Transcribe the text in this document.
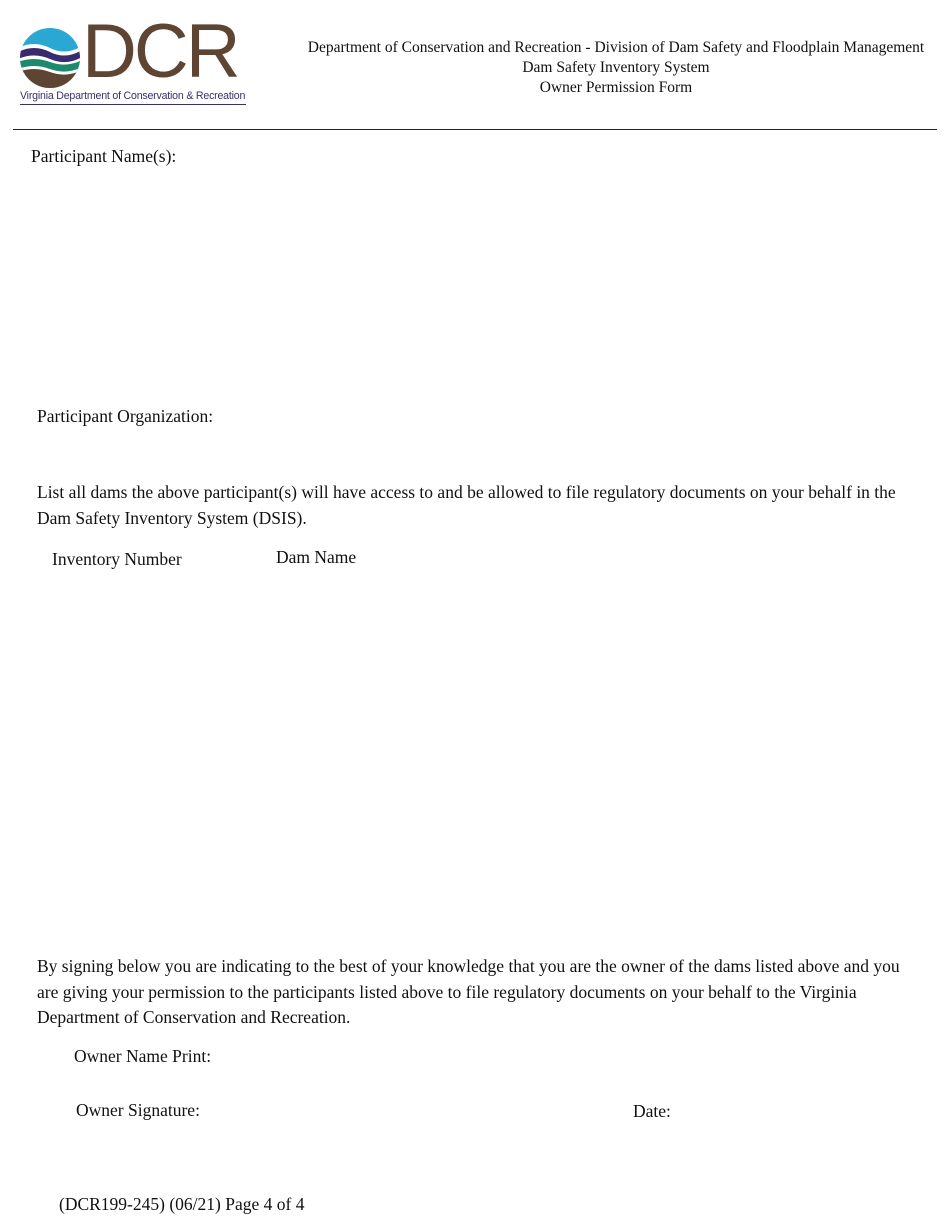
DCR
Virginia Department of Conservation & Recreation
Department of Conservation and Recreation - Division of Dam Safety and Floodplain Management
Dam Safety Inventory System
Owner Permission Form
Participant Name(s):
Participant Organization:
List all dams the above participant(s) will have access to and be allowed to file regulatory documents on your behalf in the Dam Safety Inventory System (DSIS).
Inventory Number	Dam Name
By signing below you are indicating to the best of your knowledge that you are the owner of the dams listed above and you are giving your permission to the participants listed above to file regulatory documents on your behalf to the Virginia Department of Conservation and Recreation.
Owner Name Print:
Owner Signature:	Date:
(DCR199-245) (06/21) Page 4 of 4
